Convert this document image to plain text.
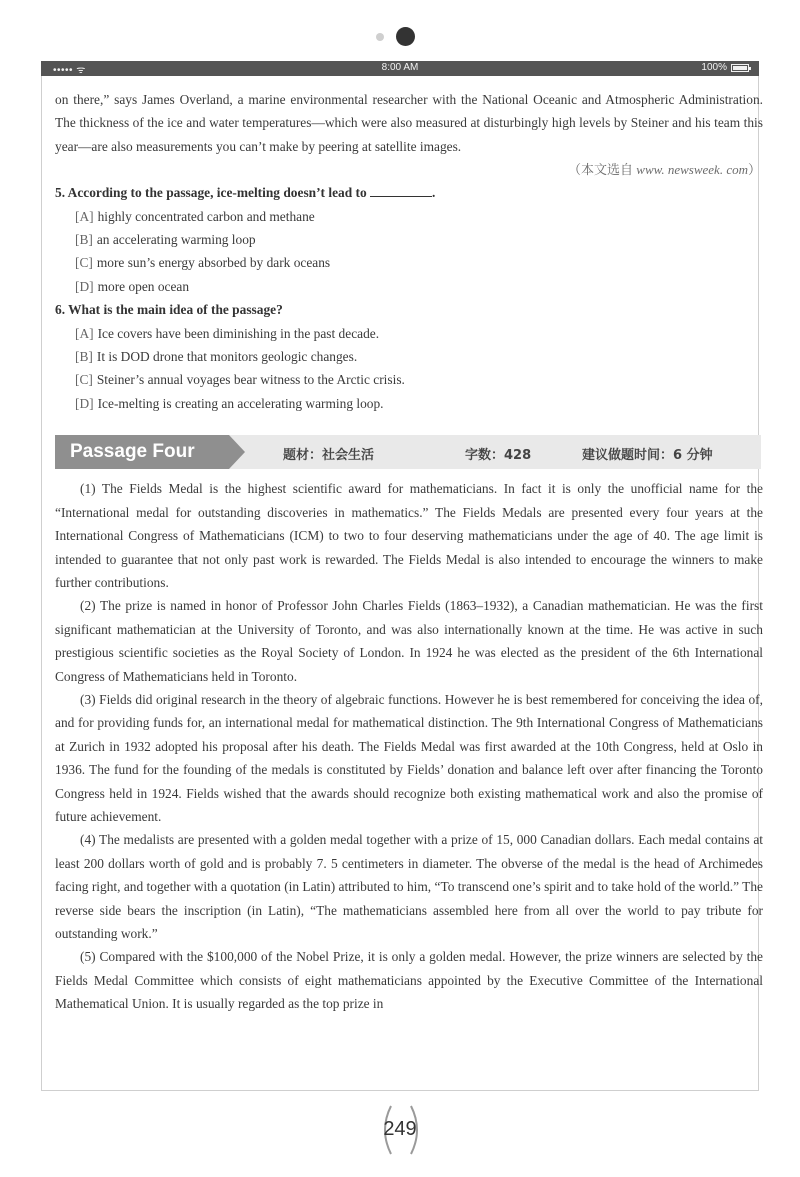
••••• ᯤ	8:00 AM	100%

on there,” says James Overland, a marine environmental researcher with the National Oceanic and Atmospheric Administration. The thickness of the ice and water temperatures—which were also measured at disturbingly high levels by Steiner and his team this year—are also measurements you can’t make by peering at satellite images.

（本文选自 www. newsweek. com）

5. According to the passage, ice-melting doesn’t lead to	.

[A] highly concentrated carbon and methane

[B] an accelerating warming loop

[C] more sun’s energy absorbed by dark oceans

[D] more open ocean

6. What is the main idea of the passage?

[A] Ice covers have been diminishing in the past decade.

[B] It is DOD drone that monitors geologic changes.

[C] Steiner’s annual voyages bear witness to the Arctic crisis.

[D] Ice-melting is creating an accelerating warming loop.

Passage Four	题材：社会生活	字数：428	建议做题时间：6 分钟

(1) The Fields Medal is the highest scientific award for mathematicians. In fact it is only the unofficial name for the “International medal for outstanding discoveries in mathematics.” The Fields Medals are presented every four years at the International Congress of Mathematicians (ICM) to two to four deserving mathematicians under the age of 40. The age limit is intended to guarantee that not only past work is rewarded. The Fields Medal is also intended to encourage the winners to make further contributions.

(2) The prize is named in honor of Professor John Charles Fields (1863–1932), a Canadian mathematician. He was the first significant mathematician at the University of Toronto, and was also internationally known at the time. He was active in such prestigious scientific societies as the Royal Society of London. In 1924 he was elected as the president of the 6th International Congress of Mathematicians held in Toronto.

(3) Fields did original research in the theory of algebraic functions. However he is best remembered for conceiving the idea of, and for providing funds for, an international medal for mathematical distinction. The 9th International Congress of Mathematicians at Zurich in 1932 adopted his proposal after his death. The Fields Medal was first awarded at the 10th Congress, held at Oslo in 1936. The fund for the founding of the medals is constituted by Fields’ donation and balance left over after financing the Toronto Congress held in 1924. Fields wished that the awards should recognize both existing mathematical work and also the promise of future achievement.

(4) The medalists are presented with a golden medal together with a prize of 15, 000 Canadian dollars. Each medal contains at least 200 dollars worth of gold and is probably 7. 5 centimeters in diameter. The obverse of the medal is the head of Archimedes facing right, and together with a quotation (in Latin) attributed to him, “To transcend one’s spirit and to take hold of the world.” The reverse side bears the inscription (in Latin), “The mathematicians assembled here from all over the world to pay tribute for outstanding work.”

(5) Compared with the $100,000 of the Nobel Prize, it is only a golden medal. However, the prize winners are selected by the Fields Medal Committee which consists of eight mathematicians appointed by the Executive Committee of the International Mathematical Union. It is usually regarded as the top prize in

249
